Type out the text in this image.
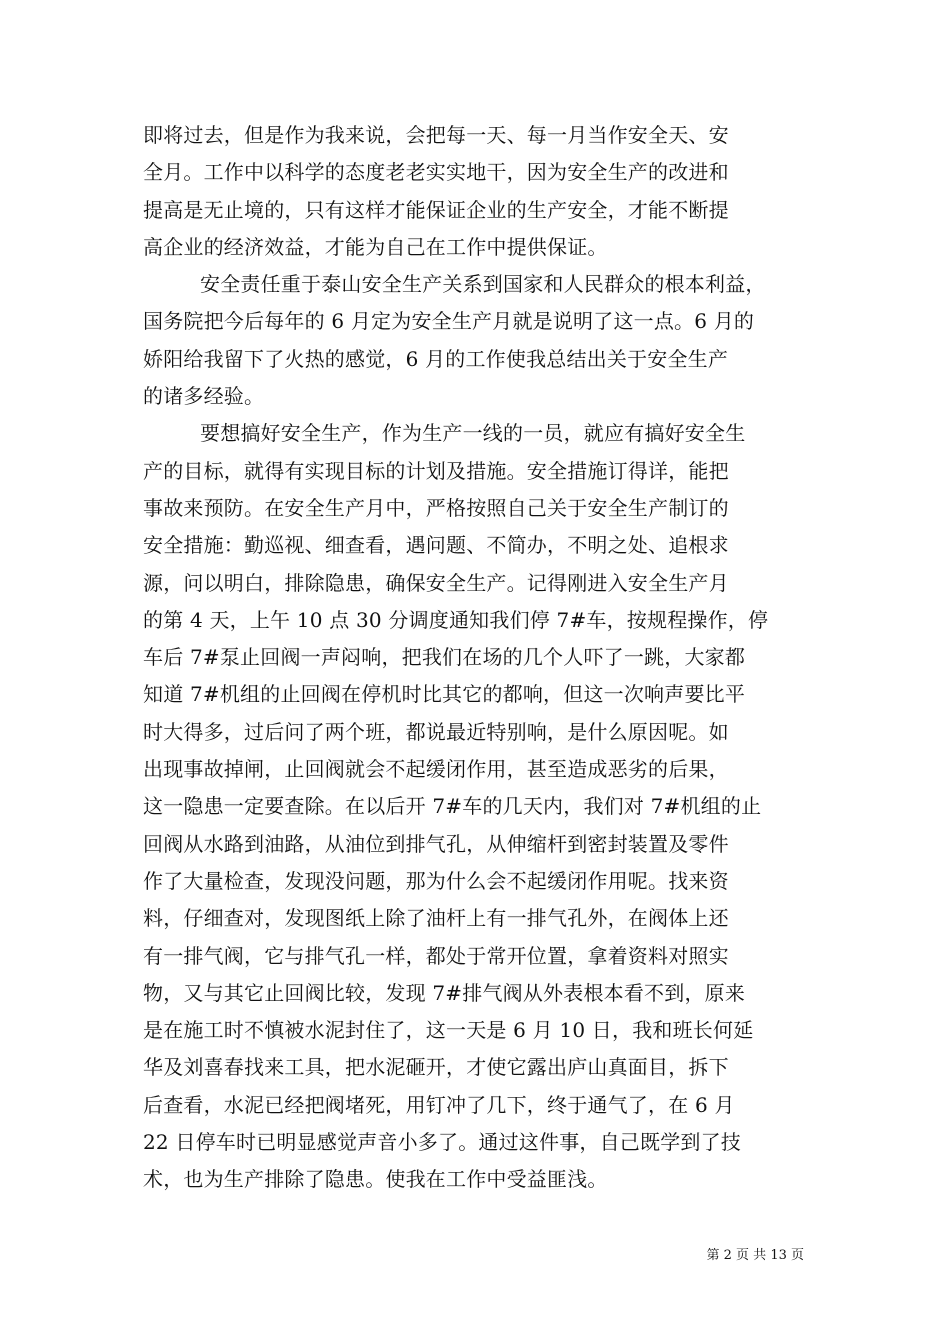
即将过去，但是作为我来说，会把每一天、每一月当作安全天、安
全月。工作中以科学的态度老老实实地干，因为安全生产的改进和
提高是无止境的，只有这样才能保证企业的生产安全，才能不断提
高企业的经济效益，才能为自己在工作中提供保证。
安全责任重于泰山安全生产关系到国家和人民群众的根本利益，
国务院把今后每年的 6 月定为安全生产月就是说明了这一点。6 月的
娇阳给我留下了火热的感觉，6 月的工作使我总结出关于安全生产
的诸多经验。
要想搞好安全生产，作为生产一线的一员，就应有搞好安全生
产的目标，就得有实现目标的计划及措施。安全措施订得详，能把
事故来预防。在安全生产月中，严格按照自己关于安全生产制订的
安全措施：勤巡视、细查看，遇问题、不简办，不明之处、追根求
源，问以明白，排除隐患，确保安全生产。记得刚进入安全生产月
的第 4 天，上午 10 点 30 分调度通知我们停 7#车，按规程操作，停
车后 7#泵止回阀一声闷响，把我们在场的几个人吓了一跳，大家都
知道 7#机组的止回阀在停机时比其它的都响，但这一次响声要比平
时大得多，过后问了两个班，都说最近特别响，是什么原因呢。如
出现事故掉闸，止回阀就会不起缓闭作用，甚至造成恶劣的后果，
这一隐患一定要查除。在以后开 7#车的几天内，我们对 7#机组的止
回阀从水路到油路，从油位到排气孔，从伸缩杆到密封装置及零件
作了大量检查，发现没问题，那为什么会不起缓闭作用呢。找来资
料，仔细查对，发现图纸上除了油杆上有一排气孔外，在阀体上还
有一排气阀，它与排气孔一样，都处于常开位置，拿着资料对照实
物，又与其它止回阀比较，发现 7#排气阀从外表根本看不到，原来
是在施工时不慎被水泥封住了，这一天是 6 月 10 日，我和班长何延
华及刘喜春找来工具，把水泥砸开，才使它露出庐山真面目，拆下
后查看，水泥已经把阀堵死，用钉冲了几下，终于通气了，在 6 月
22 日停车时已明显感觉声音小多了。通过这件事，自己既学到了技
术，也为生产排除了隐患。使我在工作中受益匪浅。
第 2 页 共 13 页
